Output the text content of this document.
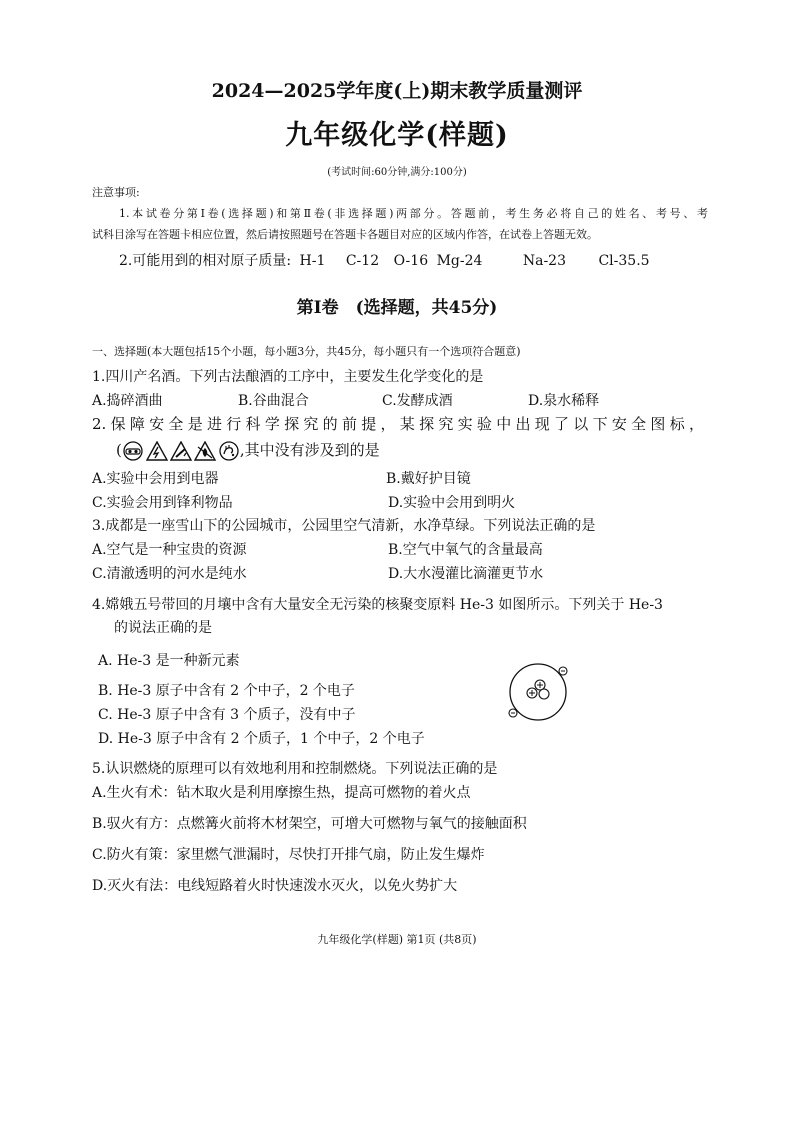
2024—2025学年度(上)期末教学质量测评
九年级化学(样题)
(考试时间:60分钟,满分:100分)
注意事项:
1.本试卷分第Ⅰ卷(选择题)和第Ⅱ卷(非选择题)两部分。答题前，考生务必将自己的姓名、考号、考
试科目涂写在答题卡相应位置，然后请按照题号在答题卡各题目对应的区域内作答，在试卷上答题无效。
2.可能用到的相对原子质量: H-1 C-12 O-16 Mg-24	Na-23 Cl-35.5
第Ⅰ卷　(选择题，共45分)
一、选择题(本大题包括15个小题，每小题3分，共45分，每小题只有一个选项符合题意)
1.四川产名酒。下列古法酿酒的工序中，主要发生化学变化的是
A.捣碎酒曲	B.谷曲混合	C.发酵成酒	D.泉水稀释
2.保障安全是进行科学探究的前提，某探究实验中出现了以下安全图标，
(	,其中没有涉及到的是
A.实验中会用到电器	B.戴好护目镜
C.实验会用到锋利物品	D.实验中会用到明火
3.成都是一座雪山下的公园城市，公园里空气清新，水净草绿。下列说法正确的是
A.空气是一种宝贵的资源	B.空气中氧气的含量最高
C.清澈透明的河水是纯水	D.大水漫灌比滴灌更节水
4.嫦娥五号带回的月壤中含有大量安全无污染的核聚变原料 He-3 如图所示。下列关于 He-3
的说法正确的是
A. He-3 是一种新元素
B. He-3 原子中含有 2 个中子，2 个电子
C. He-3 原子中含有 3 个质子，没有中子
D. He-3 原子中含有 2 个质子，1 个中子，2 个电子
5.认识燃烧的原理可以有效地利用和控制燃烧。下列说法正确的是
A.生火有术：钻木取火是利用摩擦生热，提高可燃物的着火点
B.驭火有方：点燃篝火前将木材架空，可增大可燃物与氧气的接触面积
C.防火有策：家里燃气泄漏时，尽快打开排气扇，防止发生爆炸
D.灭火有法：电线短路着火时快速泼水灭火，以免火势扩大
九年级化学(样题) 第1页 (共8页)
